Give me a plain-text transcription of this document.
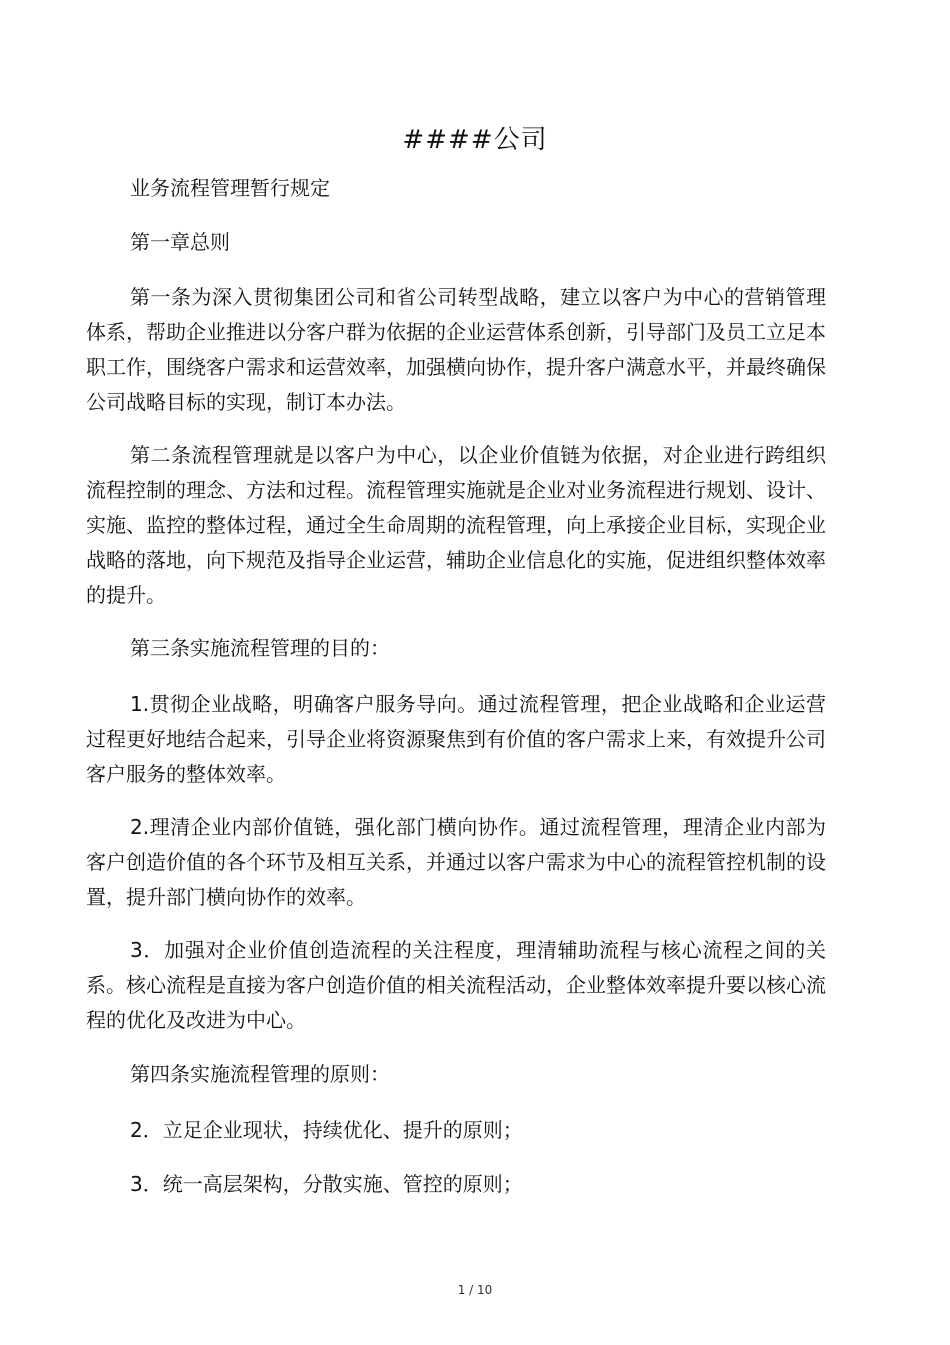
####公司
业务流程管理暂行规定
第一章总则
第一条为深入贯彻集团公司和省公司转型战略，建立以客户为中心的营销管理体系，帮助企业推进以分客户群为依据的企业运营体系创新，引导部门及员工立足本职工作，围绕客户需求和运营效率，加强横向协作，提升客户满意水平，并最终确保公司战略目标的实现，制订本办法。
第二条流程管理就是以客户为中心，以企业价值链为依据，对企业进行跨组织流程控制的理念、方法和过程。流程管理实施就是企业对业务流程进行规划、设计、实施、监控的整体过程，通过全生命周期的流程管理，向上承接企业目标，实现企业战略的落地，向下规范及指导企业运营，辅助企业信息化的实施，促进组织整体效率的提升。
第三条实施流程管理的目的：
1.贯彻企业战略，明确客户服务导向。通过流程管理，把企业战略和企业运营过程更好地结合起来，引导企业将资源聚焦到有价值的客户需求上来，有效提升公司客户服务的整体效率。
2.理清企业内部价值链，强化部门横向协作。通过流程管理，理清企业内部为客户创造价值的各个环节及相互关系，并通过以客户需求为中心的流程管控机制的设置，提升部门横向协作的效率。
3．加强对企业价值创造流程的关注程度，理清辅助流程与核心流程之间的关系。核心流程是直接为客户创造价值的相关流程活动，企业整体效率提升要以核心流程的优化及改进为中心。
第四条实施流程管理的原则：
2．立足企业现状，持续优化、提升的原则；
3．统一高层架构，分散实施、管控的原则；
1 / 10
